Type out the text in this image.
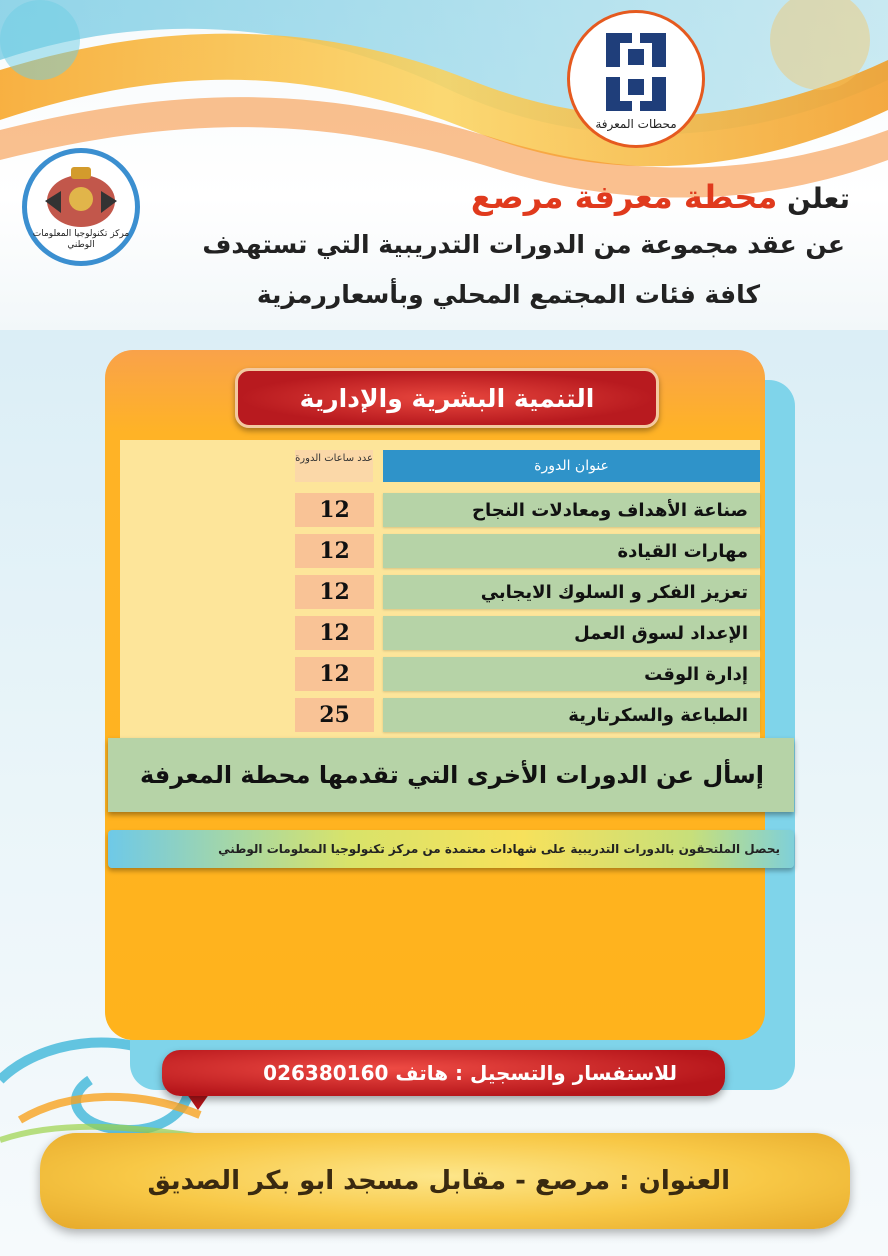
محطات المعرفة
مركز تكنولوجيا المعلومات الوطني
تعلن محطة معرفة مرصع
عن عقد مجموعة من الدورات التدريبية التي تستهدف
كافة فئات المجتمع المحلي وبأسعاررمزية
التنمية البشرية والإدارية
عدد ساعات الدورة	عنوان الدورة
12	صناعة الأهداف ومعادلات النجاح
12	مهارات القيادة
12	تعزيز الفكر و السلوك الايجابي
12	الإعداد لسوق العمل
12	إدارة الوقت
25	الطباعة والسكرتارية
إسأل عن الدورات الأخرى التي تقدمها محطة المعرفة
يحصل الملتحقون بالدورات التدريبية على شهادات معتمدة من مركز تكنولوجيا المعلومات الوطني
للاستفسار والتسجيل : هاتف 026380160
العنوان : مرصع - مقابل مسجد ابو بكر الصديق
